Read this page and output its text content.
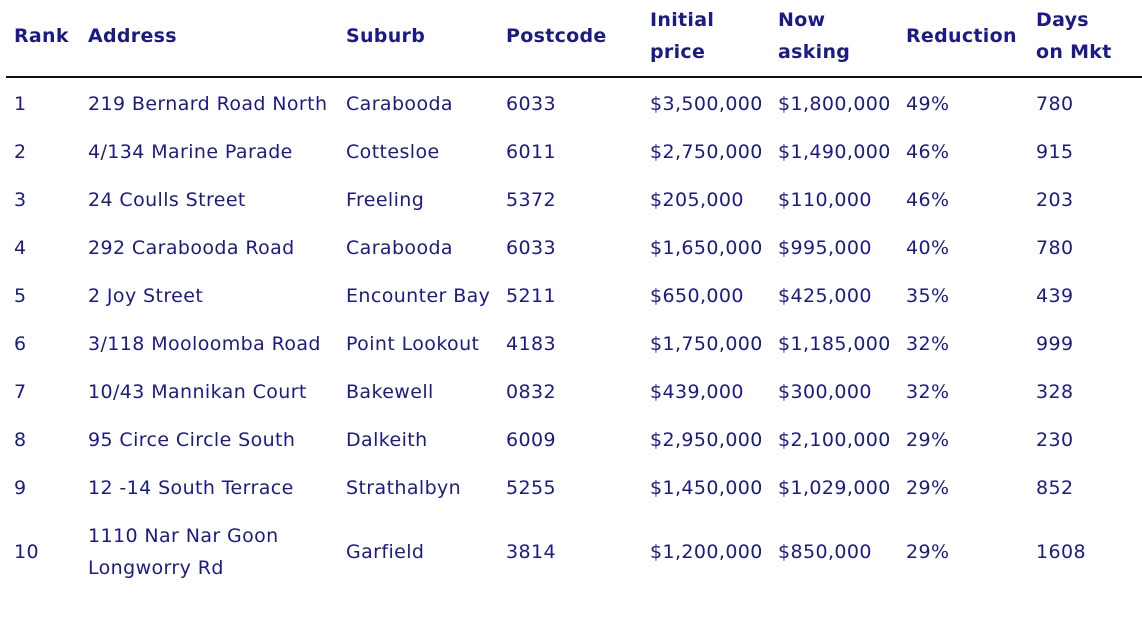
Rank	Address	Suburb	Postcode	Initial price	Now asking	Reduction	Days on Mkt
1	219 Bernard Road North	Carabooda	6033	$3,500,000	$1,800,000	49%	780
2	4/134 Marine Parade	Cottesloe	6011	$2,750,000	$1,490,000	46%	915
3	24 Coulls Street	Freeling	5372	$205,000	$110,000	46%	203
4	292 Carabooda Road	Carabooda	6033	$1,650,000	$995,000	40%	780
5	2 Joy Street	Encounter Bay	5211	$650,000	$425,000	35%	439
6	3/118 Mooloomba Road	Point Lookout	4183	$1,750,000	$1,185,000	32%	999
7	10/43 Mannikan Court	Bakewell	0832	$439,000	$300,000	32%	328
8	95 Circe Circle South	Dalkeith	6009	$2,950,000	$2,100,000	29%	230
9	12 -14 South Terrace	Strathalbyn	5255	$1,450,000	$1,029,000	29%	852
10	1110 Nar Nar Goon Longworry Rd	Garfield	3814	$1,200,000	$850,000	29%	1608
